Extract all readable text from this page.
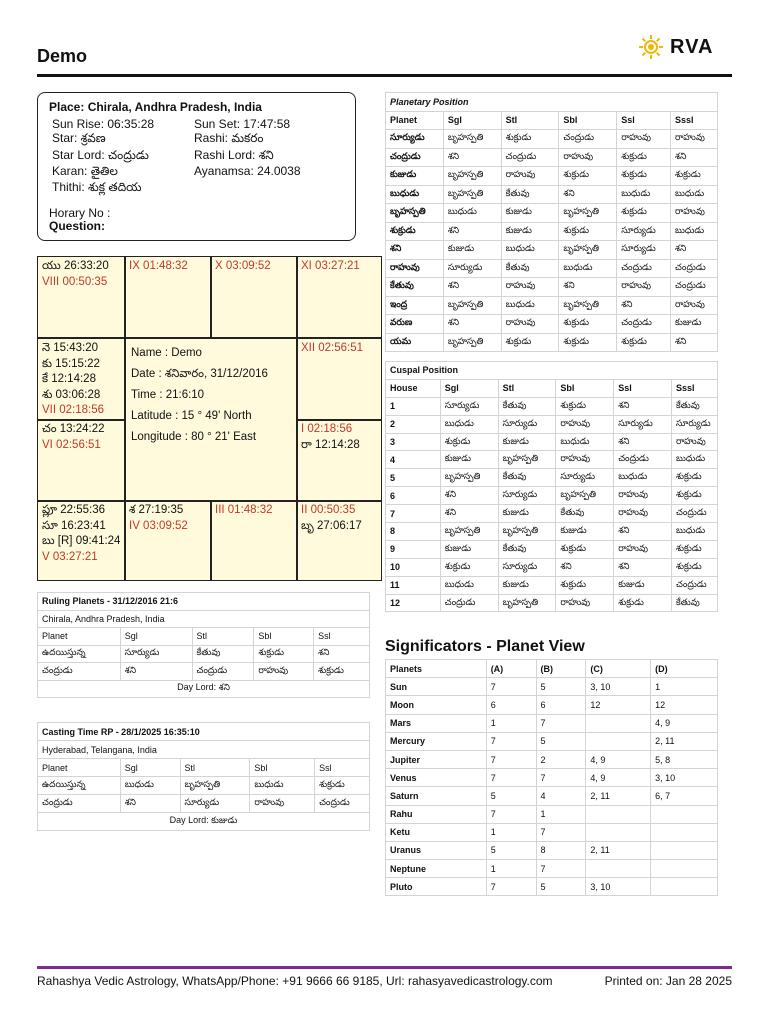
Demo	RVA
Place: Chirala, Andhra Pradesh, India
Sun Rise: 06:35:28	Sun Set: 17:47:58
Star: శ్రవణ	Rashi: మకరం
Star Lord: చంద్రుడు	Rashi Lord: శని
Karan: తైతిల	Ayanamsa: 24.0038
Thithi: శుక్ల తదియ
Horary No :
Question:
యు 26:33:20
VIII 00:50:35
IX 01:48:32 X 03:09:52	XI 03:27:21
నె 15:43:20
కు 15:15:22
కే 12:14:28
శు 03:06:28
VII 02:18:56
XII 02:56:51
చం 13:24:22
VI 02:56:51
I 02:18:56
రా 12:14:28
ప్లూ 22:55:36
సూ 16:23:41
బు [R] 09:41:24
V 03:27:21
శ 27:19:35
IV 03:09:52
III 01:48:32 II 00:50:35
బృ 27:06:17
Name : Demo
Date : శనివారం, 31/12/2016
Time : 21:6:10
Latitude : 15 ° 49' North
Longitude : 80 ° 21' East
Planetary Position					
Planet	Sgl	Stl	Sbl	Ssl	Sssl
సూర్యుడు	బృహస్పతి	శుక్రుడు	చంద్రుడు	రాహువు	రాహువు
చంద్రుడు	శని	చంద్రుడు	రాహువు	శుక్రుడు	శని
కుజుడు	బృహస్పతి	రాహువు	శుక్రుడు	శుక్రుడు	శుక్రుడు
బుధుడు	బృహస్పతి	కేతువు	శని	బుధుడు	బుధుడు
బృహస్పతి	బుధుడు	కుజుడు	బృహస్పతి	శుక్రుడు	రాహువు
శుక్రుడు	శని	కుజుడు	శుక్రుడు	సూర్యుడు	బుధుడు
శని	కుజుడు	బుధుడు	బృహస్పతి	సూర్యుడు	శని
రాహువు	సూర్యుడు	కేతువు	బుధుడు	చంద్రుడు	చంద్రుడు
కేతువు	శని	రాహువు	శని	రాహువు	చంద్రుడు
ఇంద్ర	బృహస్పతి	బుధుడు	బృహస్పతి	శని	రాహువు
వరుణ	శని	రాహువు	శుక్రుడు	చంద్రుడు	కుజుడు
యమ	బృహస్పతి	శుక్రుడు	శుక్రుడు	శుక్రుడు	శని
Cuspal Position					
House	Sgl	Stl	Sbl	Ssl	Sssl
1	సూర్యుడు	కేతువు	శుక్రుడు	శని	కేతువు
2	బుధుడు	సూర్యుడు	రాహువు	సూర్యుడు	సూర్యుడు
3	శుక్రుడు	కుజుడు	బుధుడు	శని	రాహువు
4	కుజుడు	బృహస్పతి	రాహువు	చంద్రుడు	బుధుడు
5	బృహస్పతి	కేతువు	సూర్యుడు	బుధుడు	శుక్రుడు
6	శని	సూర్యుడు	బృహస్పతి	రాహువు	శుక్రుడు
7	శని	కుజుడు	కేతువు	రాహువు	చంద్రుడు
8	బృహస్పతి	బృహస్పతి	కుజుడు	శని	బుధుడు
9	కుజుడు	కేతువు	శుక్రుడు	రాహువు	శుక్రుడు
10	శుక్రుడు	సూర్యుడు	శని	శని	శుక్రుడు
11	బుధుడు	కుజుడు	శుక్రుడు	కుజుడు	చంద్రుడు
12	చంద్రుడు	బృహస్పతి	రాహువు	శుక్రుడు	కేతువు
Ruling Planets - 31/12/2016 21:6				
Chirala, Andhra Pradesh, India				
Planet	Sgl	Stl	Sbl	Ssl
ఉదయిస్తున్న	సూర్యుడు	కేతువు	శుక్రుడు	శని
చంద్రుడు	శని	చంద్రుడు	రాహువు	శుక్రుడు
Day Lord: శని				
Casting Time RP - 28/1/2025 16:35:10				
Hyderabad, Telangana, India				
Planet	Sgl	Stl	Sbl	Ssl
ఉదయిస్తున్న	బుధుడు	బృహస్పతి	బుధుడు	శుక్రుడు
చంద్రుడు	శని	సూర్యుడు	రాహువు	చంద్రుడు
Day Lord: కుజుడు				
Significators - Planet View
Planets	(A)	(B)	(C)	(D)
Sun	7	5	3, 10	1
Moon	6	6	12	12
Mars	1	7		4, 9
Mercury	7	5		2, 11
Jupiter	7	2	4, 9	5, 8
Venus	7	7	4, 9	3, 10
Saturn	5	4	2, 11	6, 7
Rahu	7	1		
Ketu	1	7		
Uranus	5	8	2, 11	
Neptune	1	7		
Pluto	7	5	3, 10	
Rahashya Vedic Astrology, WhatsApp/Phone: +91 9666 66 9185, Url: rahasyavedicastrology.com	Printed on: Jan 28 2025
